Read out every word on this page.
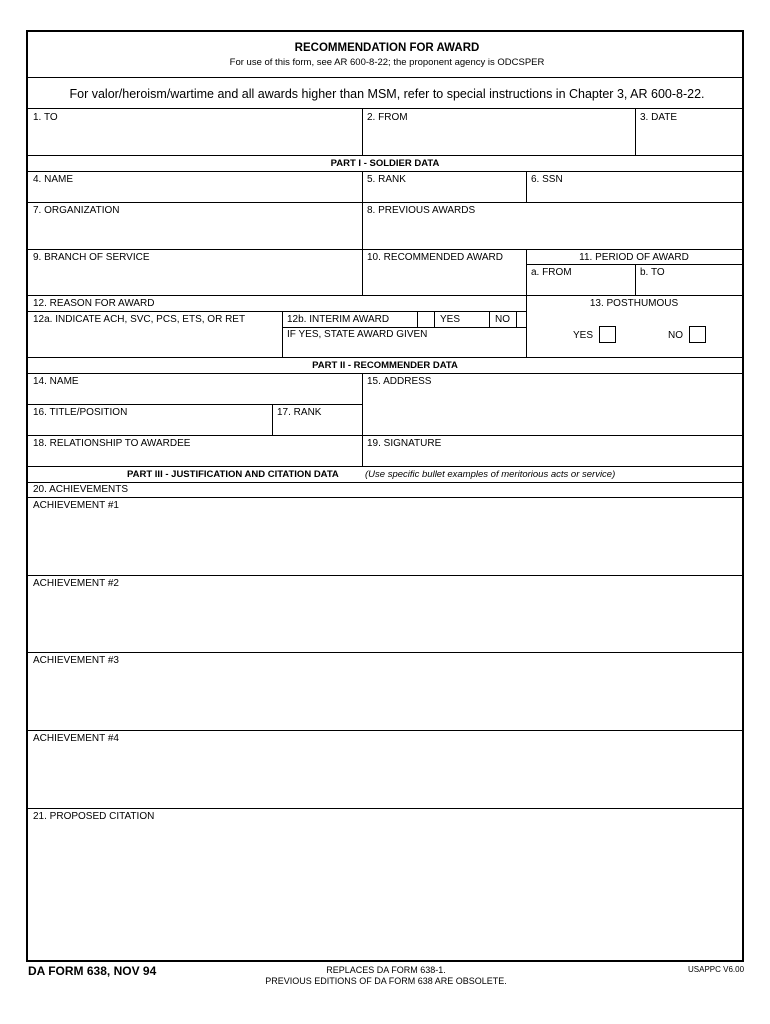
RECOMMENDATION FOR AWARD
For use of this form, see AR 600-8-22; the proponent agency is ODCSPER
For valor/heroism/wartime and all awards higher than MSM, refer to special instructions in Chapter 3, AR 600-8-22.
1. TO	2. FROM	3. DATE
PART I - SOLDIER DATA
4. NAME	5. RANK	6. SSN
7. ORGANIZATION	8. PREVIOUS AWARDS
9. BRANCH OF SERVICE	10. RECOMMENDED AWARD	11. PERIOD OF AWARD
a. FROM	b. TO
12. REASON FOR AWARD
12a. INDICATE ACH, SVC, PCS, ETS, OR RET	12b. INTERIM AWARD	YES	NO
IF YES, STATE AWARD GIVEN
13. POSTHUMOUS
YES	NO
PART II - RECOMMENDER DATA
14. NAME	15. ADDRESS
16. TITLE/POSITION	17. RANK
18. RELATIONSHIP TO AWARDEE	19. SIGNATURE
PART III - JUSTIFICATION AND CITATION DATA	(Use specific bullet examples of meritorious acts or service)
20. ACHIEVEMENTS
ACHIEVEMENT #1
ACHIEVEMENT #2
ACHIEVEMENT #3
ACHIEVEMENT #4
21. PROPOSED CITATION
DA FORM 638, NOV 94	REPLACES DA FORM 638-1.
PREVIOUS EDITIONS OF DA FORM 638 ARE OBSOLETE.
USAPPC V6.00
